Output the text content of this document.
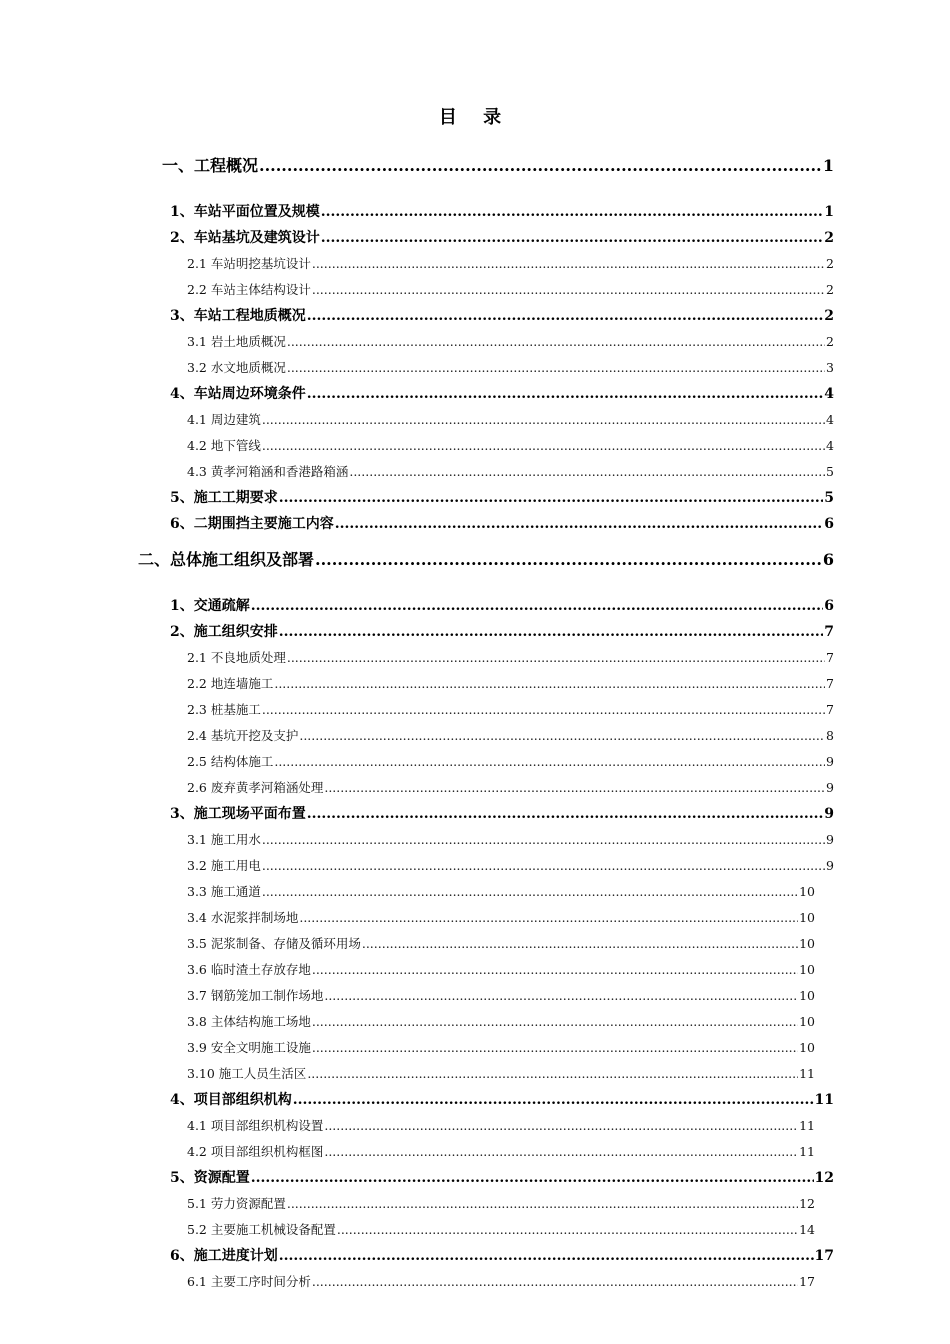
目 录
一、工程概况 .....	1
1、车站平面位置及规模 .....	1
2、车站基坑及建筑设计 .....	2
2.1 车站明挖基坑设计 .....	2
2.2 车站主体结构设计 .....	2
3、车站工程地质概况 .....	2
3.1 岩土地质概况 .....	2
3.2 水文地质概况 .....	3
4、车站周边环境条件 .....	4
4.1 周边建筑 .....	4
4.2 地下管线 .....	4
4.3 黄孝河箱涵和香港路箱涵 .....	5
5、施工工期要求 .....	5
6、二期围挡主要施工内容 .....	6
二、总体施工组织及部署 .....	6
1、交通疏解 .....	6
2、施工组织安排 .....	7
2.1 不良地质处理 .....	7
2.2 地连墙施工 .....	7
2.3 桩基施工 .....	7
2.4 基坑开挖及支护 .....	8
2.5 结构体施工 .....	9
2.6 废弃黄孝河箱涵处理 .....	9
3、施工现场平面布置 .....	9
3.1 施工用水 .....	9
3.2 施工用电 .....	9
3.3 施工通道 .....	10
3.4 水泥浆拌制场地 .....	10
3.5 泥浆制备、存储及循环用场 .....	10
3.6 临时渣土存放存地 .....	10
3.7 钢筋笼加工制作场地 .....	10
3.8 主体结构施工场地 .....	10
3.9 安全文明施工设施 .....	10
3.10 施工人员生活区 .....	11
4、项目部组织机构 .....	11
4.1 项目部组织机构设置 .....	11
4.2 项目部组织机构框图 .....	11
5、资源配置 .....	12
5.1 劳力资源配置 .....	12
5.2 主要施工机械设备配置 .....	14
6、施工进度计划 .....	17
6.1 主要工序时间分析 .....	17
